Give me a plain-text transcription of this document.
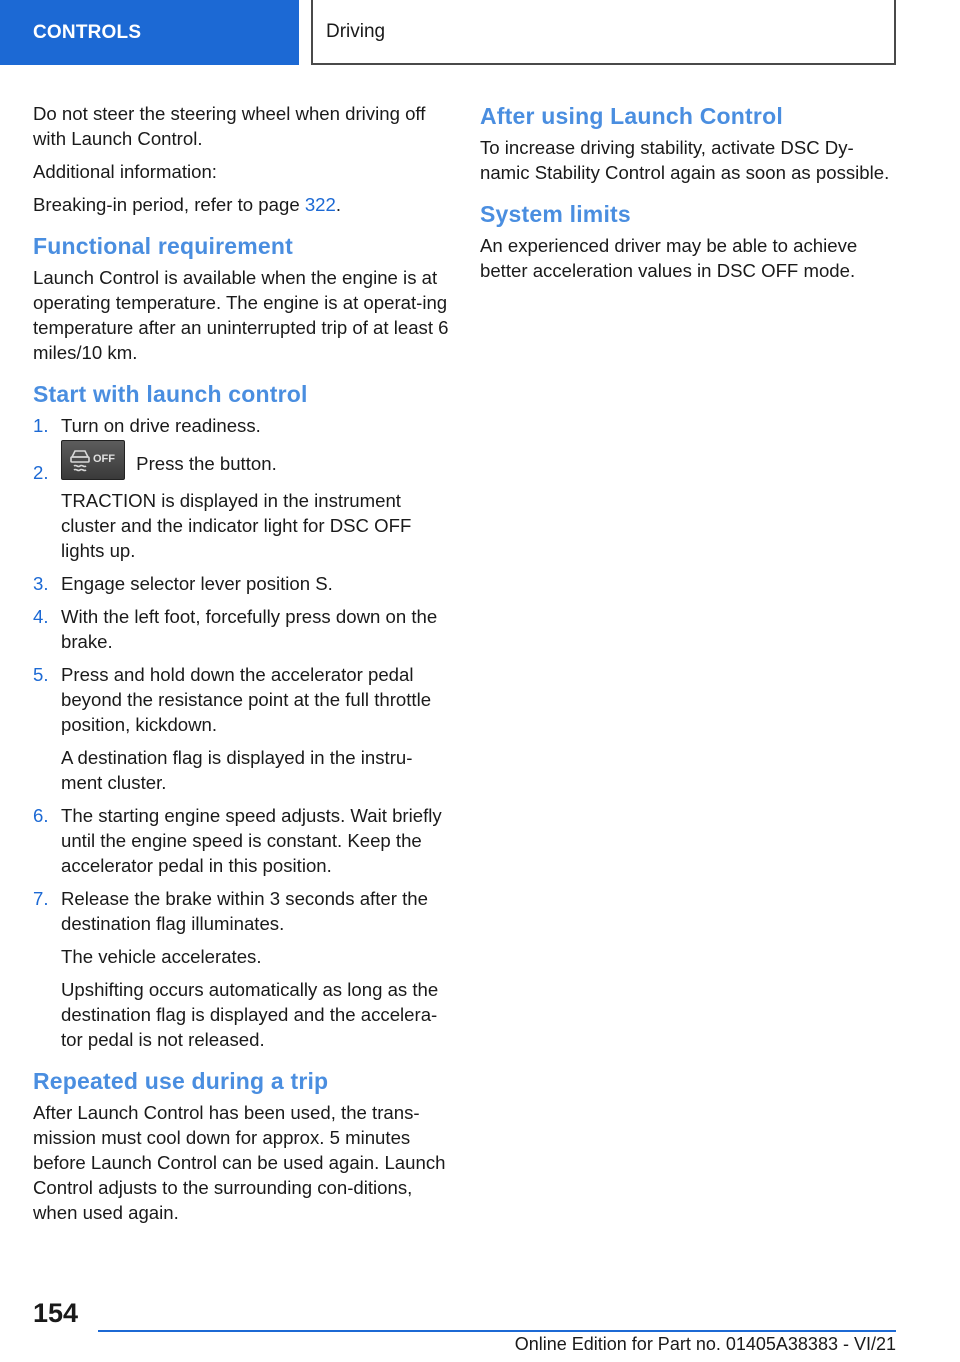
CONTROLS	Driving

Do not steer the steering wheel when driving off with Launch Control.

Additional information:

Breaking-in period, refer to page 322.

Functional requirement

Launch Control is available when the engine is at operating temperature. The engine is at operat-ing temperature after an uninterrupted trip of at least 6 miles/10 km.

Start with launch control
1. Turn on drive readiness.
2.
OFF Press the button.
TRACTION is displayed in the instrument cluster and the indicator light for DSC OFF lights up.
3. Engage selector lever position S.
4. With the left foot, forcefully press down on the brake.
5. Press and hold down the accelerator pedal beyond the resistance point at the full throttle position, kickdown.
A destination flag is displayed in the instru-ment cluster.
6. The starting engine speed adjusts. Wait briefly until the engine speed is constant. Keep the accelerator pedal in this position.
7. Release the brake within 3 seconds after the destination flag illuminates.
The vehicle accelerates.
Upshifting occurs automatically as long as the destination flag is displayed and the accelera-tor pedal is not released.
Repeated use during a trip

After Launch Control has been used, the trans-mission must cool down for approx. 5 minutes before Launch Control can be used again. Launch Control adjusts to the surrounding con-ditions, when used again.

After using Launch Control

To increase driving stability, activate DSC Dy-namic Stability Control again as soon as possible.

System limits

An experienced driver may be able to achieve better acceleration values in DSC OFF mode.

154
Online Edition for Part no. 01405A38383 - VI/21
